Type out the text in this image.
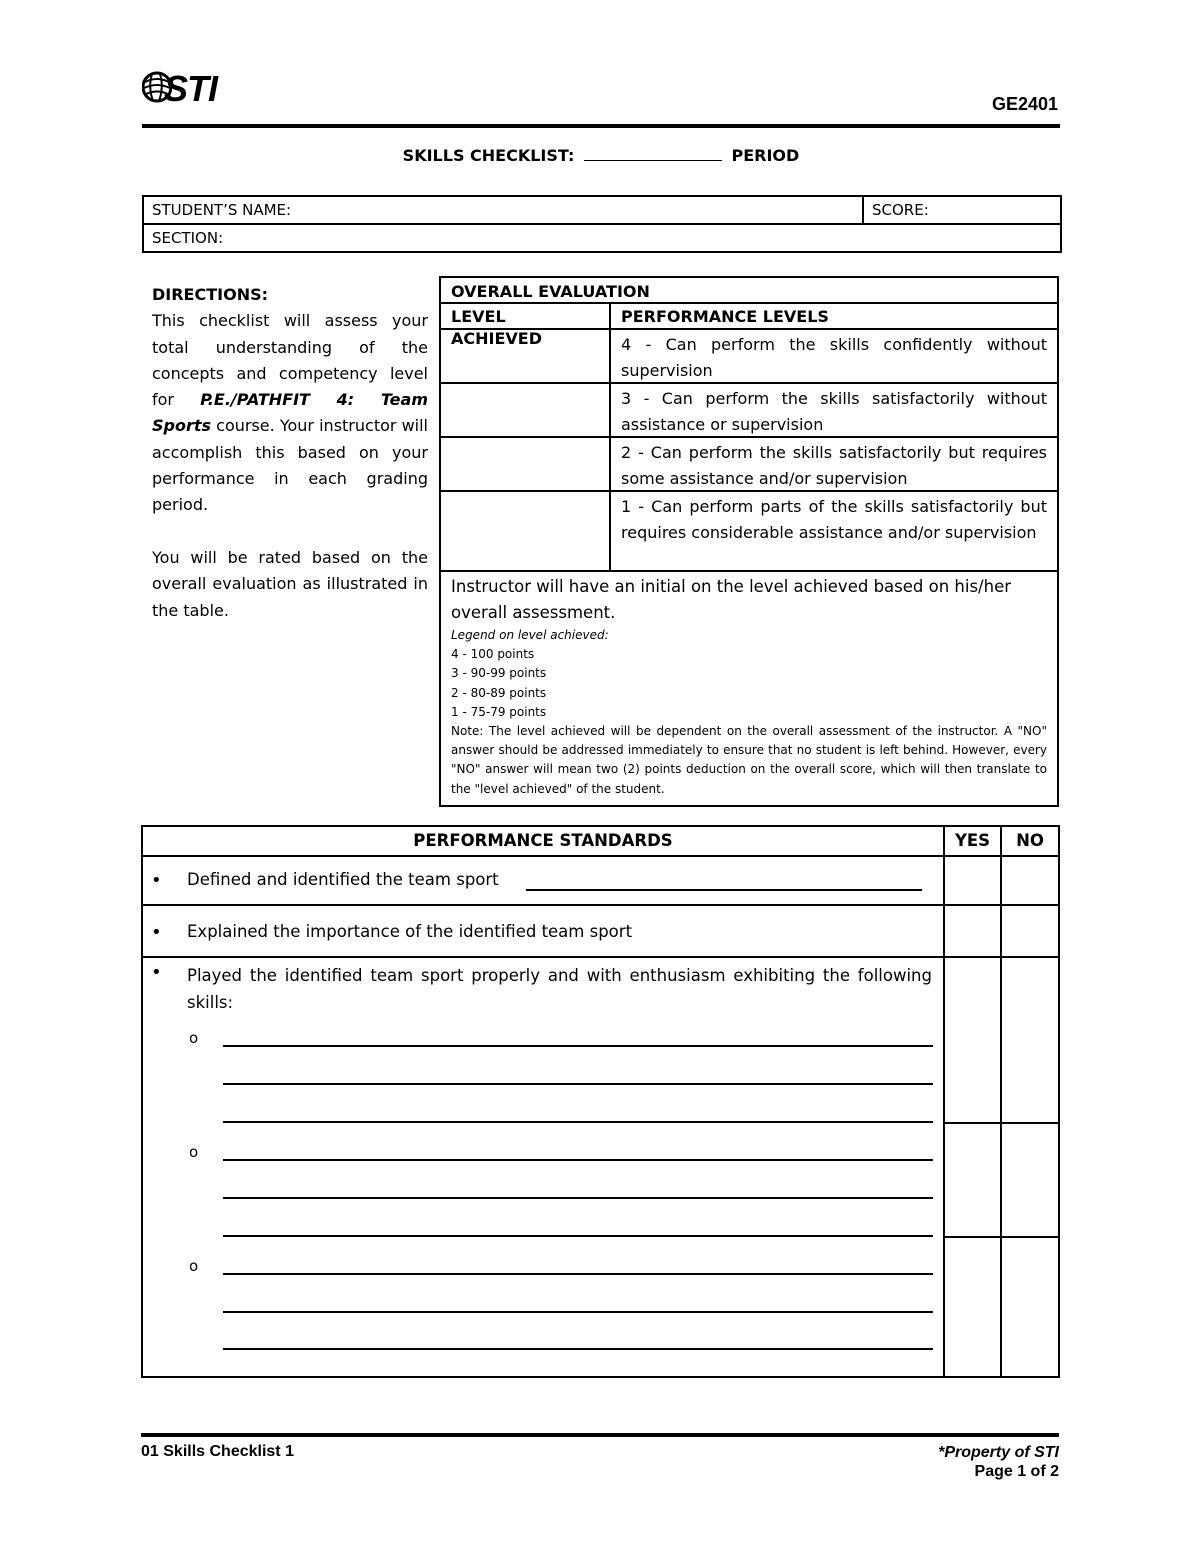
STI	GE2401
SKILLS CHECKLIST:	PERIOD
STUDENT’S NAME:	SCORE:
SECTION:

DIRECTIONS:

This checklist will assess your total understanding of the concepts and competency level for P.E./PATHFIT 4: Team Sports course. Your instructor will accomplish this based on your performance in each grading period.

You will be rated based on the overall evaluation as illustrated in the table.

OVERALL EVALUATION
LEVEL ACHIEVED
PERFORMANCE LEVELS
4 - Can perform the skills confidently without supervision
3 - Can perform the skills satisfactorily without assistance or supervision
2 - Can perform the skills satisfactorily but requires some assistance and/or supervision
1 - Can perform parts of the skills satisfactorily but requires considerable assistance and/or supervision
Instructor will have an initial on the level achieved based on his/her overall assessment.
Legend on level achieved:
4 - 100 points
3 - 90-99 points
2 - 80-89 points
1 - 75-79 points
Note: The level achieved will be dependent on the overall assessment of the instructor. A "NO" answer should be addressed immediately to ensure that no student is left behind. However, every "NO" answer will mean two (2) points deduction on the overall score, which will then translate to the "level achieved" of the student.
PERFORMANCE STANDARDS	YES	NO
• Defined and identified the team sport
• Explained the importance of the identified team sport
• Played the identified team sport properly and with enthusiasm exhibiting the following skills:
o
o
o
01 Skills Checklist 1	*Property of STI
Page 1 of 2
